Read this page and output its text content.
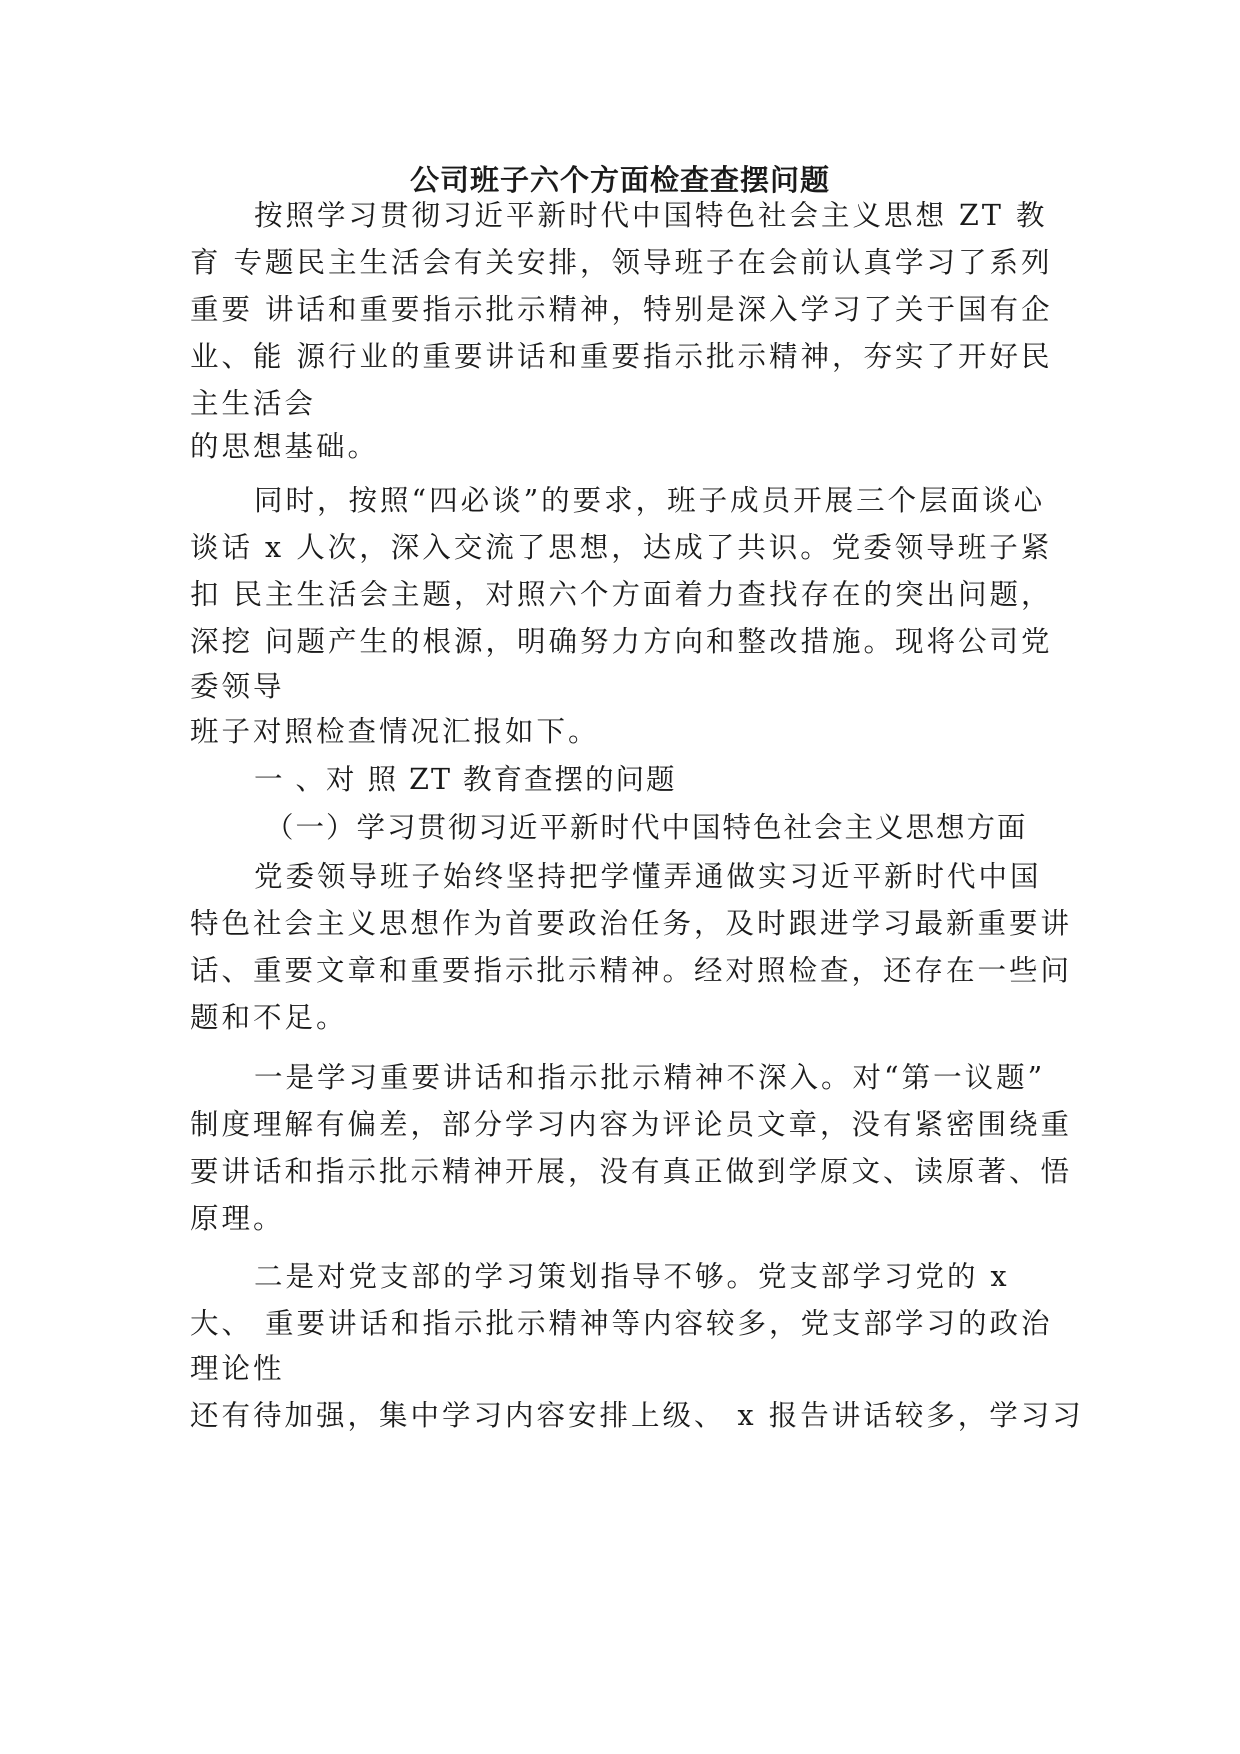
公司班子六个方面检查查摆问题
按照学习贯彻习近平新时代中国特色社会主义思想 ZT 教
育 专题民主生活会有关安排，领导班子在会前认真学习了系列
重要 讲话和重要指示批示精神，特别是深入学习了关于国有企
业、能 源行业的重要讲话和重要指示批示精神，夯实了开好民
主生活会
的思想基础。
同时，按照“四必谈”的要求，班子成员开展三个层面谈心
谈话 x 人次，深入交流了思想，达成了共识。党委领导班子紧
扣 民主生活会主题，对照六个方面着力查找存在的突出问题，
深挖 问题产生的根源，明确努力方向和整改措施。现将公司党
委领导
班子对照检查情况汇报如下。
一 、对 照 ZT 教育查摆的问题
（一）学习贯彻习近平新时代中国特色社会主义思想方面
党委领导班子始终坚持把学懂弄通做实习近平新时代中国
特色社会主义思想作为首要政治任务，及时跟进学习最新重要讲
话、重要文章和重要指示批示精神。经对照检查，还存在一些问
题和不足。
一是学习重要讲话和指示批示精神不深入。对“第一议题”
制度理解有偏差，部分学习内容为评论员文章，没有紧密围绕重
要讲话和指示批示精神开展，没有真正做到学原文、读原著、悟
原理。
二是对党支部的学习策划指导不够。党支部学习党的 x
大、 重要讲话和指示批示精神等内容较多，党支部学习的政治
理论性
还有待加强，集中学习内容安排上级、 x 报告讲话较多，学习习
